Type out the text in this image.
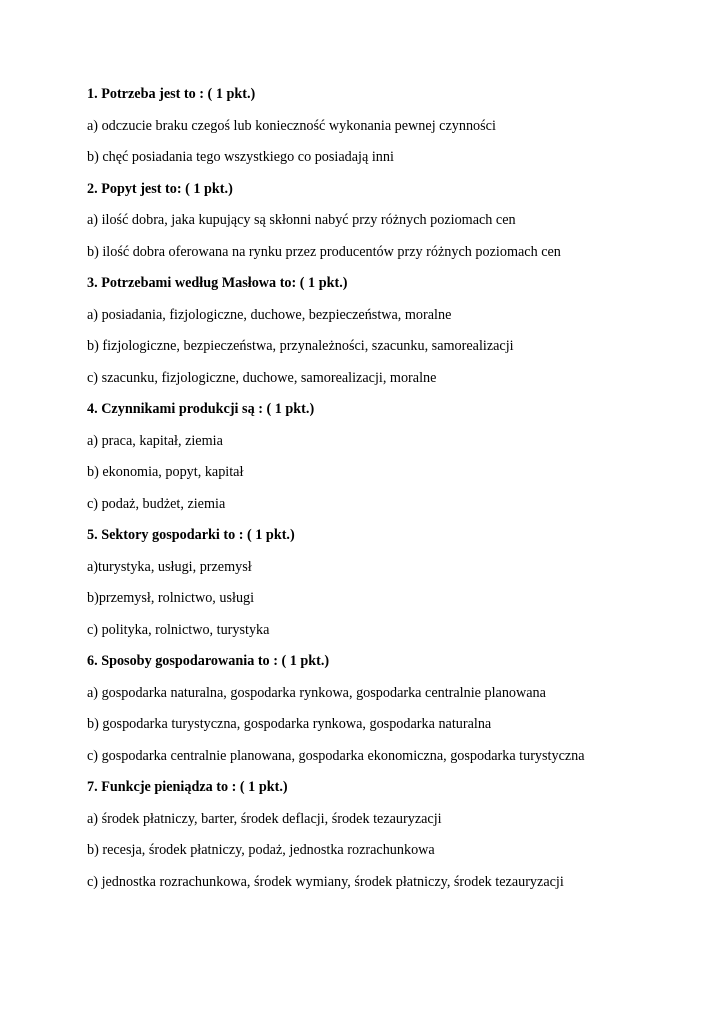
1. Potrzeba jest to : ( 1 pkt.)
a) odczucie braku czegoś lub konieczność wykonania pewnej czynności
b) chęć posiadania tego wszystkiego co posiadają inni
2. Popyt jest to: ( 1 pkt.)
a) ilość dobra, jaka kupujący są skłonni nabyć przy różnych poziomach cen
b) ilość dobra oferowana na rynku przez producentów przy różnych poziomach cen
3. Potrzebami według Masłowa to: ( 1 pkt.)
a) posiadania, fizjologiczne, duchowe, bezpieczeństwa, moralne
b) fizjologiczne, bezpieczeństwa, przynależności, szacunku, samorealizacji
c) szacunku, fizjologiczne, duchowe, samorealizacji, moralne
4. Czynnikami produkcji są : ( 1 pkt.)
a) praca, kapitał, ziemia
b) ekonomia, popyt, kapitał
c) podaż, budżet, ziemia
5. Sektory gospodarki to : ( 1 pkt.)
a)turystyka, usługi, przemysł
b)przemysł, rolnictwo, usługi
c) polityka, rolnictwo, turystyka
6. Sposoby gospodarowania to : ( 1 pkt.)
a) gospodarka naturalna, gospodarka rynkowa, gospodarka centralnie planowana
b) gospodarka turystyczna, gospodarka rynkowa, gospodarka naturalna
c) gospodarka centralnie planowana, gospodarka ekonomiczna, gospodarka turystyczna
7. Funkcje pieniądza to : ( 1 pkt.)
a) środek płatniczy, barter, środek deflacji, środek tezauryzacji
b) recesja, środek płatniczy, podaż, jednostka rozrachunkowa
c) jednostka rozrachunkowa, środek wymiany, środek płatniczy, środek tezauryzacji
